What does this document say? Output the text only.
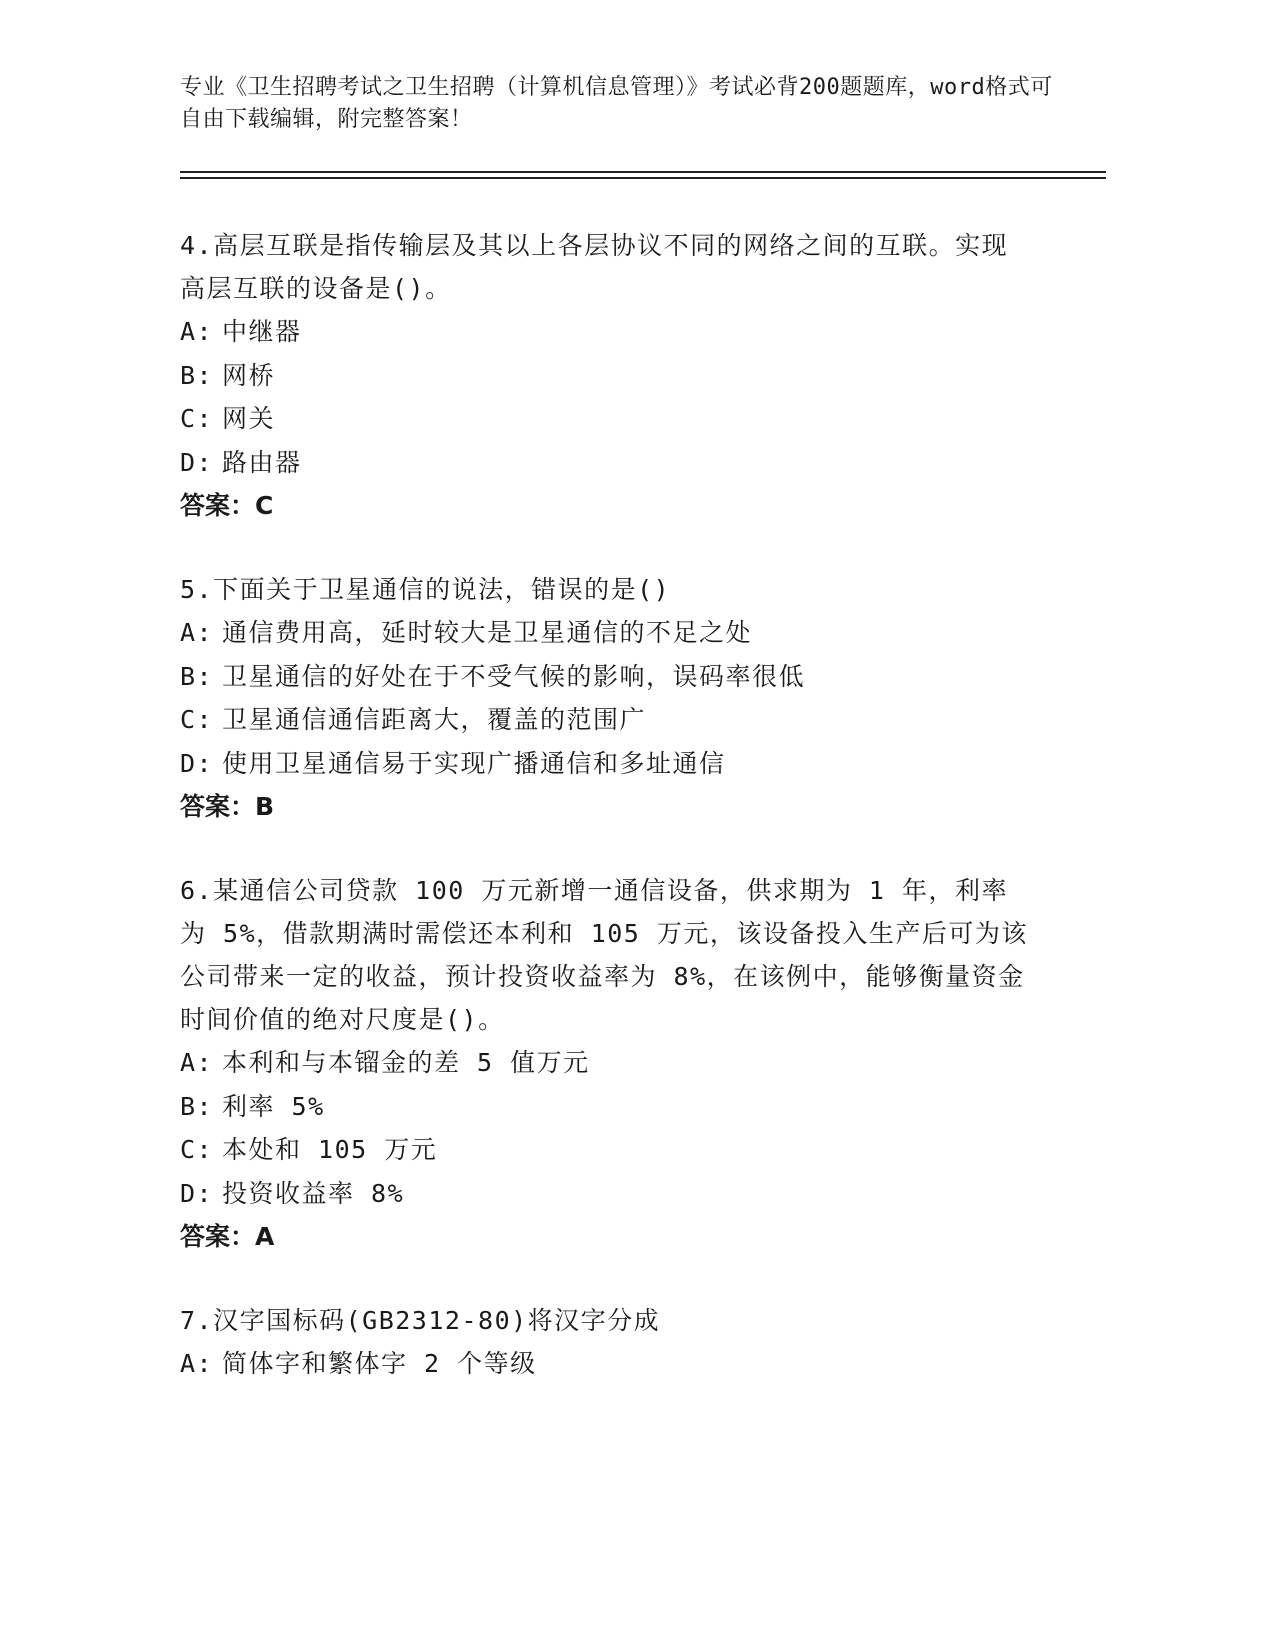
专业《卫生招聘考试之卫生招聘（计算机信息管理）》考试必背200题题库，word格式可自由下载编辑，附完整答案！
4.高层互联是指传输层及其以上各层协议不同的网络之间的互联。实现高层互联的设备是()。
A: 中继器
B: 网桥
C: 网关
D: 路由器
答案：C
5.下面关于卫星通信的说法，错误的是()
A: 通信费用高，延时较大是卫星通信的不足之处
B: 卫星通信的好处在于不受气候的影响，误码率很低
C: 卫星通信通信距离大，覆盖的范围广
D: 使用卫星通信易于实现广播通信和多址通信
答案：B
6.某通信公司贷款 100 万元新增一通信设备，供求期为 1 年，利率为 5%，借款期满时需偿还本利和 105 万元，该设备投入生产后可为该公司带来一定的收益，预计投资收益率为 8%，在该例中，能够衡量资金时间价值的绝对尺度是()。
A: 本利和与本镏金的差 5 值万元
B: 利率 5%
C: 本处和 105 万元
D: 投资收益率 8%
答案：A
7.汉字国标码(GB2312-80)将汉字分成
A: 简体字和繁体字 2 个等级
